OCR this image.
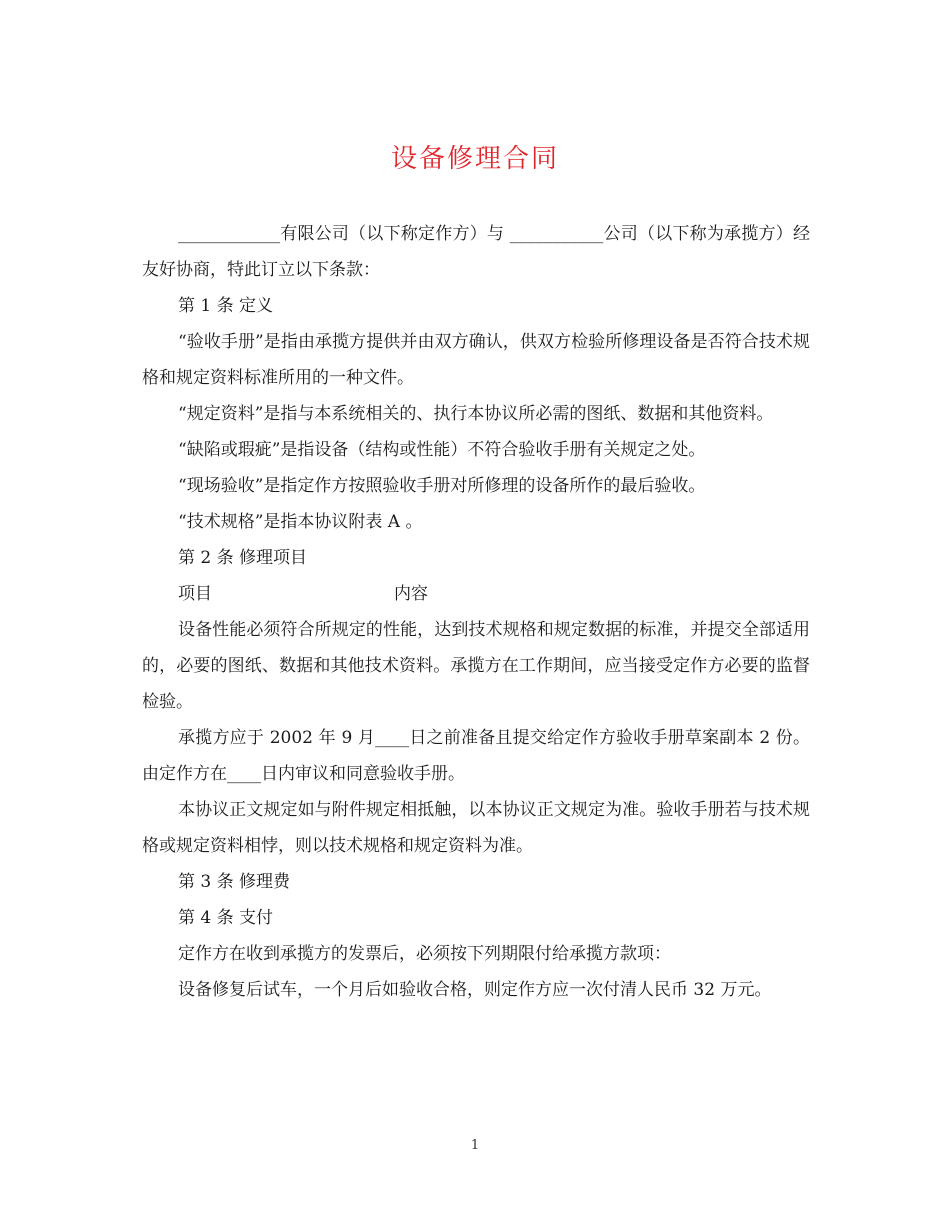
设备修理合同

____________有限公司（以下称定作方）与 ___________公司（以下称为承揽方）经友好协商，特此订立以下条款：

第 1 条 定义

“验收手册”是指由承揽方提供并由双方确认，供双方检验所修理设备是否符合技术规格和规定资料标准所用的一种文件。

“规定资料”是指与本系统相关的、执行本协议所必需的图纸、数据和其他资料。

“缺陷或瑕疵”是指设备（结构或性能）不符合验收手册有关规定之处。

“现场验收”是指定作方按照验收手册对所修理的设备所作的最后验收。

“技术规格”是指本协议附表 A 。

第 2 条 修理项目

项目	内容

设备性能必须符合所规定的性能，达到技术规格和规定数据的标准，并提交全部适用的，必要的图纸、数据和其他技术资料。承揽方在工作期间，应当接受定作方必要的监督检验。

承揽方应于 2002 年 9 月____日之前准备且提交给定作方验收手册草案副本 2 份。由定作方在____日内审议和同意验收手册。

本协议正文规定如与附件规定相抵触，以本协议正文规定为准。验收手册若与技术规格或规定资料相悖，则以技术规格和规定资料为准。

第 3 条 修理费

第 4 条 支付

定作方在收到承揽方的发票后，必须按下列期限付给承揽方款项：

设备修复后试车，一个月后如验收合格，则定作方应一次付清人民币 32 万元。

1
